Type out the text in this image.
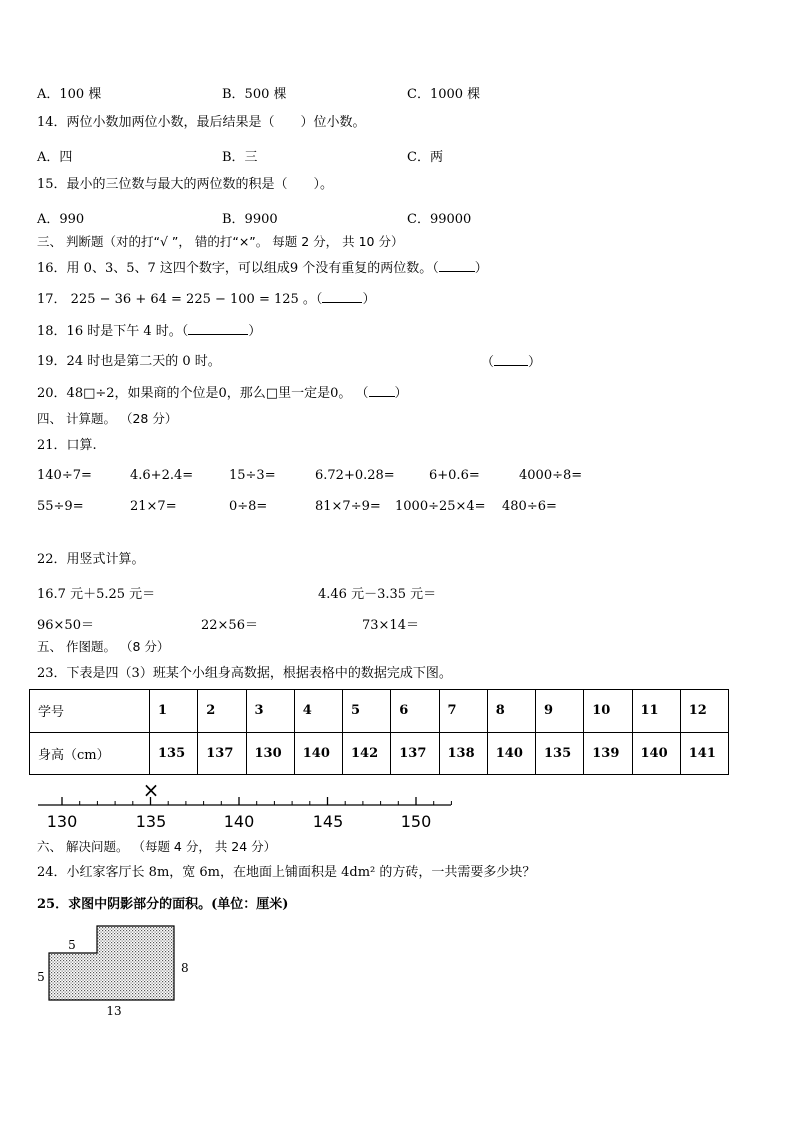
A．100 棵	B．500 棵	C．1000 棵
14．两位小数加两位小数，最后结果是（　　）位小数。
A．四	B．三	C．两
15．最小的三位数与最大的两位数的积是（　　）。
A．990	B．9900	C．99000
三、 判断题（对的打“√ ”， 错的打“×”。 每题 2 分， 共 10 分）
16．用 0、3、5、7 这四个数字，可以组成9 个没有重复的两位数。（	）
17． 225 − 36 + 64 = 225 − 100 = 125 。（	）
18．16 时是下午 4 时。（	）
19．24 时也是第二天的 0 时。	（	）
20．48□÷2，如果商的个位是0，那么□里一定是0。 （ ）
四、 计算题。 （28 分）
21．口算.
140÷7=	4.6+2.4=	15÷3=	6.72+0.28=	6+0.6=	4000÷8=
55÷9=	21×7=	0÷8=	81×7÷9= 1000÷25×4= 480÷6=
22．用竖式计算。
16.7 元＋5.25 元＝	4.46 元－3.35 元＝
96×50＝	22×56＝	73×14＝
五、 作图题。 （8 分）
23．下表是四（3）班某个小组身高数据，根据表格中的数据完成下图。
学号	1	2	3	4	5	6	7	8	9	10	11	12
身高（cm）	135	137	130	140	142	137	138	140	135	139	140	141
×
130	135	140	145	150
六、 解决问题。 （每题 4 分， 共 24 分）
24．小红家客厅长 8m，宽 6m，在地面上铺面积是 4dm² 的方砖，一共需要多少块？
25．求图中阴影部分的面积。(单位：厘米)
5
5
8
13
